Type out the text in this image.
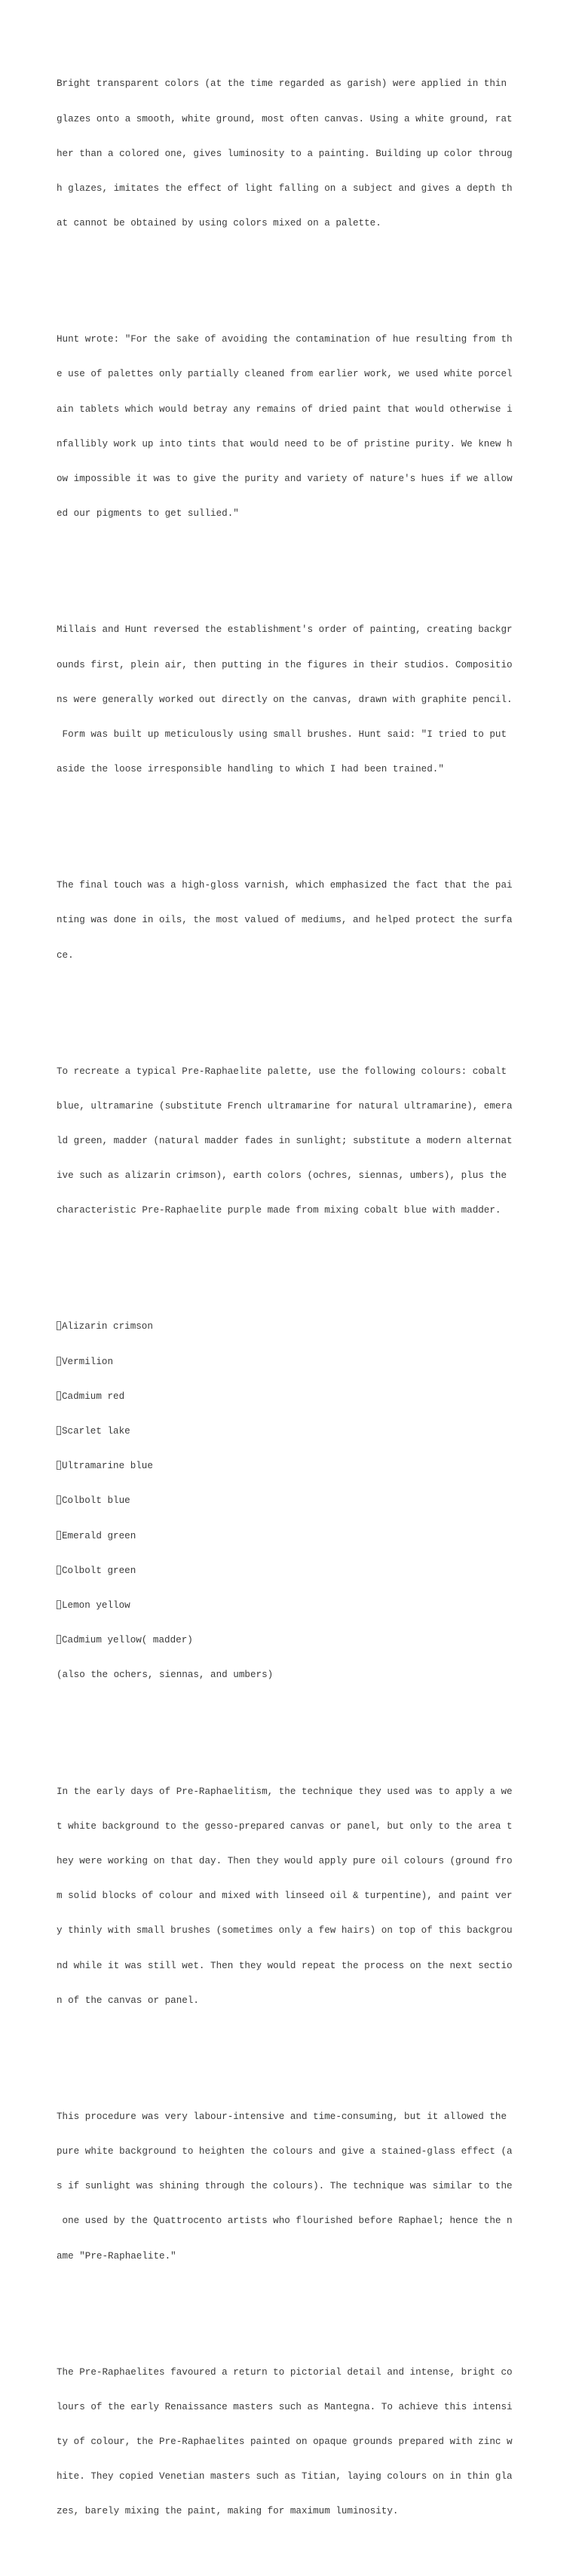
Bright transparent colors (at the time regarded as garish) were applied in thin

glazes onto a smooth, white ground, most often canvas. Using a white ground, rat

her than a colored one, gives luminosity to a painting. Building up color throug

h glazes, imitates the effect of light falling on a subject and gives a depth th

at cannot be obtained by using colors mixed on a palette.

Hunt wrote: "For the sake of avoiding the contamination of hue resulting from th

e use of palettes only partially cleaned from earlier work, we used white porcel

ain tablets which would betray any remains of dried paint that would otherwise i

nfallibly work up into tints that would need to be of pristine purity. We knew h

ow impossible it was to give the purity and variety of nature's hues if we allow

ed our pigments to get sullied."

Millais and Hunt reversed the establishment's order of painting, creating backgr

ounds first, plein air, then putting in the figures in their studios. Compositio

ns were generally worked out directly on the canvas, drawn with graphite pencil.

Form was built up meticulously using small brushes. Hunt said: "I tried to put

aside the loose irresponsible handling to which I had been trained."

The final touch was a high-gloss varnish, which emphasized the fact that the pai

nting was done in oils, the most valued of mediums, and helped protect the surfa

ce.

To recreate a typical Pre-Raphaelite palette, use the following colours: cobalt

blue, ultramarine (substitute French ultramarine for natural ultramarine), emera

ld green, madder (natural madder fades in sunlight; substitute a modern alternat

ive such as alizarin crimson), earth colors (ochres, siennas, umbers), plus the

characteristic Pre-Raphaelite purple made from mixing cobalt blue with madder.

Alizarin crimson

Vermilion

Cadmium red

Scarlet lake

Ultramarine blue

Colbolt blue

Emerald green

Colbolt green

Lemon yellow

Cadmium yellow( madder)

(also the ochers, siennas, and umbers)

In the early days of Pre-Raphaelitism, the technique they used was to apply a we

t white background to the gesso-prepared canvas or panel, but only to the area t

hey were working on that day. Then they would apply pure oil colours (ground fro

m solid blocks of colour and mixed with linseed oil & turpentine), and paint ver

y thinly with small brushes (sometimes only a few hairs) on top of this backgrou

nd while it was still wet. Then they would repeat the process on the next sectio

n of the canvas or panel.

This procedure was very labour-intensive and time-consuming, but it allowed the

pure white background to heighten the colours and give a stained-glass effect (a

s if sunlight was shining through the colours). The technique was similar to the

one used by the Quattrocento artists who flourished before Raphael; hence the n

ame "Pre-Raphaelite."

The Pre-Raphaelites favoured a return to pictorial detail and intense, bright co

lours of the early Renaissance masters such as Mantegna. To achieve this intensi

ty of colour, the Pre-Raphaelites painted on opaque grounds prepared with zinc w

hite. They copied Venetian masters such as Titian, laying colours on in thin gla

zes, barely mixing the paint, making for maximum luminosity.
